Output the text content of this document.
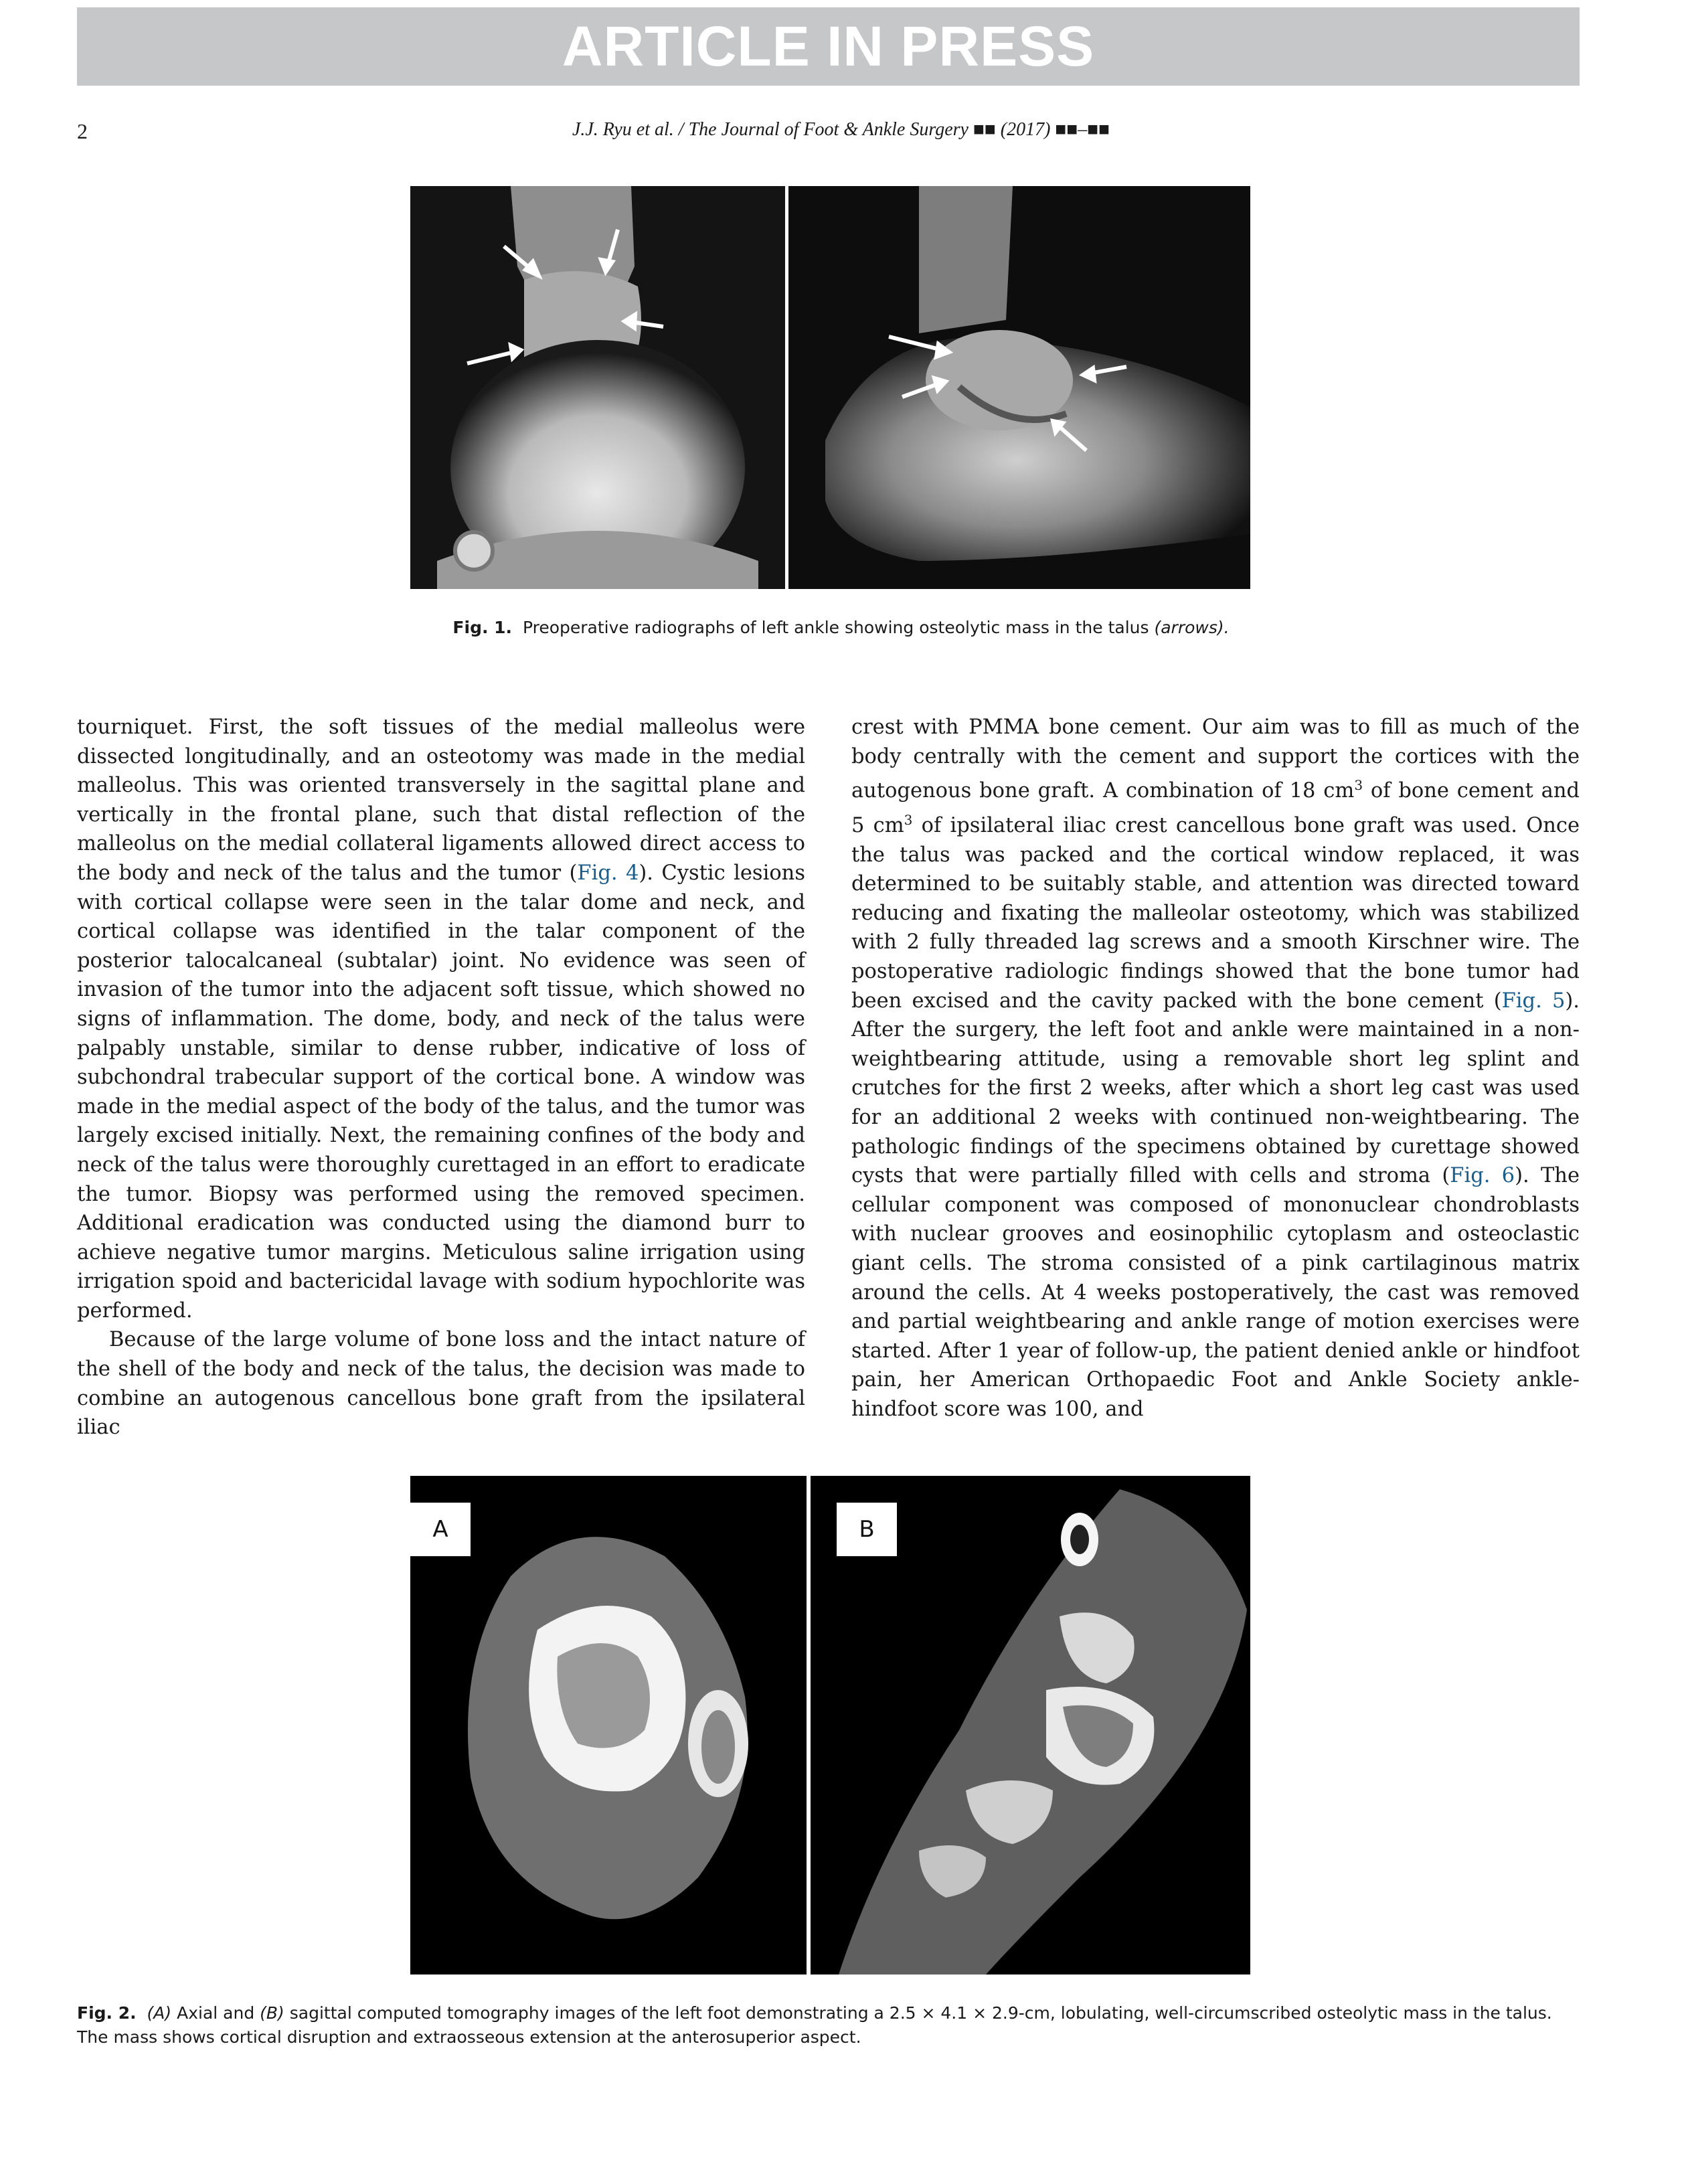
ARTICLE IN PRESS
2	J.J. Ryu et al. / The Journal of Foot & Ankle Surgery ■■ (2017) ■■–■■
Fig. 1. Preoperative radiographs of left ankle showing osteolytic mass in the talus (arrows).

tourniquet. First, the soft tissues of the medial malleolus were dissected longitudinally, and an osteotomy was made in the medial malleolus. This was oriented transversely in the sagittal plane and vertically in the frontal plane, such that distal reflection of the malleolus on the medial collateral ligaments allowed direct access to the body and neck of the talus and the tumor (Fig. 4). Cystic lesions with cortical collapse were seen in the talar dome and neck, and cortical collapse was identified in the talar component of the posterior talocalcaneal (subtalar) joint. No evidence was seen of invasion of the tumor into the adjacent soft tissue, which showed no signs of inflammation. The dome, body, and neck of the talus were palpably unstable, similar to dense rubber, indicative of loss of subchondral trabecular support of the cortical bone. A window was made in the medial aspect of the body of the talus, and the tumor was largely excised initially. Next, the remaining confines of the body and neck of the talus were thoroughly curettaged in an effort to eradicate the tumor. Biopsy was performed using the removed specimen. Additional eradication was conducted using the diamond burr to achieve negative tumor margins. Meticulous saline irrigation using irrigation spoid and bactericidal lavage with sodium hypochlorite was performed.

Because of the large volume of bone loss and the intact nature of the shell of the body and neck of the talus, the decision was made to combine an autogenous cancellous bone graft from the ipsilateral iliac

crest with PMMA bone cement. Our aim was to fill as much of the body centrally with the cement and support the cortices with the autogenous bone graft. A combination of 18 $cm^3$ of bone cement and 5 $cm^3$ of ipsilateral iliac crest cancellous bone graft was used. Once the talus was packed and the cortical window replaced, it was determined to be suitably stable, and attention was directed toward reducing and fixating the malleolar osteotomy, which was stabilized with 2 fully threaded lag screws and a smooth Kirschner wire. The postoperative radiologic findings showed that the bone tumor had been excised and the cavity packed with the bone cement (Fig. 5). After the surgery, the left foot and ankle were maintained in a non-weightbearing attitude, using a removable short leg splint and crutches for the first 2 weeks, after which a short leg cast was used for an additional 2 weeks with continued non-weightbearing. The pathologic findings of the specimens obtained by curettage showed cysts that were partially filled with cells and stroma (Fig. 6). The cellular component was composed of mononuclear chondroblasts with nuclear grooves and eosinophilic cytoplasm and osteoclastic giant cells. The stroma consisted of a pink cartilaginous matrix around the cells. At 4 weeks postoperatively, the cast was removed and partial weightbearing and ankle range of motion exercises were started. After 1 year of follow-up, the patient denied ankle or hindfoot pain, her American Orthopaedic Foot and Ankle Society ankle-hindfoot score was 100, and

A	B
Fig. 2. (A) Axial and (B) sagittal computed tomography images of the left foot demonstrating a 2.5 × 4.1 × 2.9-cm, lobulating, well-circumscribed osteolytic mass in the talus. The mass shows cortical disruption and extraosseous extension at the anterosuperior aspect.
